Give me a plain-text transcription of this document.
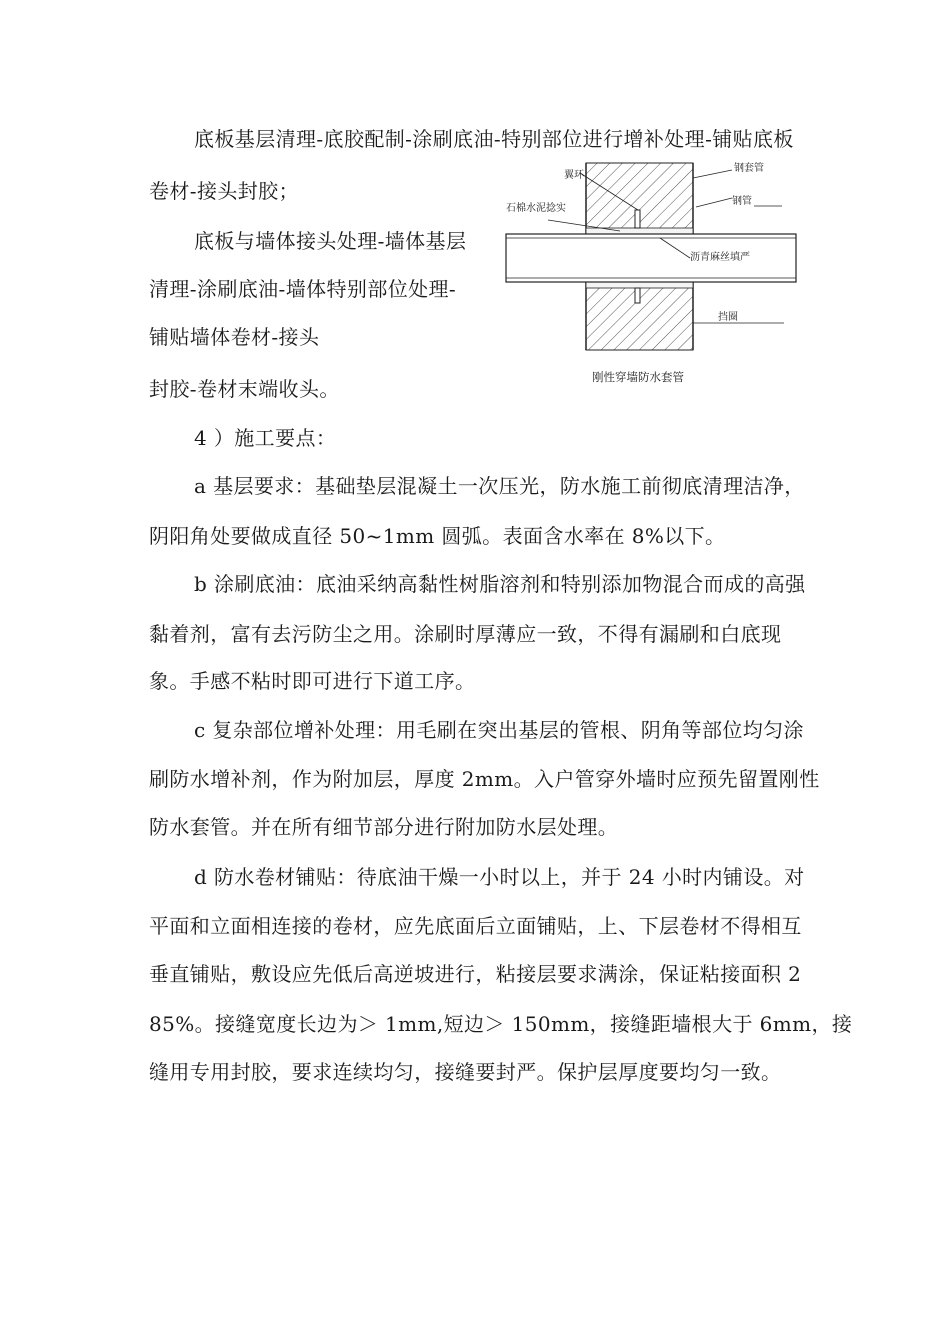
底板基层清理-底胶配制-涂刷底油-特别部位进行增补处理-铺贴底板
卷材-接头封胶；
底板与墙体接头处理-墙体基层
清理-涂刷底油-墙体特别部位处理-
铺贴墙体卷材-接头
封胶-卷材末端收头。
翼环
钢套管
钢管
石棉水泥捻实
沥青麻丝填严
挡圈
刚性穿墙防水套管
4 ）施工要点：
a 基层要求：基础垫层混凝土一次压光，防水施工前彻底清理洁净，
阴阳角处要做成直径 50~1mm 圆弧。表面含水率在 8%以下。
b 涂刷底油：底油采纳高黏性树脂溶剂和特别添加物混合而成的高强
黏着剂，富有去污防尘之用。涂刷时厚薄应一致，不得有漏刷和白底现
象。手感不粘时即可进行下道工序。
c 复杂部位增补处理：用毛刷在突出基层的管根、阴角等部位均匀涂
刷防水增补剂，作为附加层，厚度 2mm。入户管穿外墙时应预先留置刚性
防水套管。并在所有细节部分进行附加防水层处理。
d 防水卷材铺贴：待底油干燥一小时以上，并于 24 小时内铺设。对
平面和立面相连接的卷材，应先底面后立面铺贴，上、下层卷材不得相互
垂直铺贴，敷设应先低后高逆坡进行，粘接层要求满涂，保证粘接面积 2
85%。接缝宽度长边为＞ 1mm,短边＞ 150mm，接缝距墙根大于 6mm，接
缝用专用封胶，要求连续均匀，接缝要封严。保护层厚度要均匀一致。
